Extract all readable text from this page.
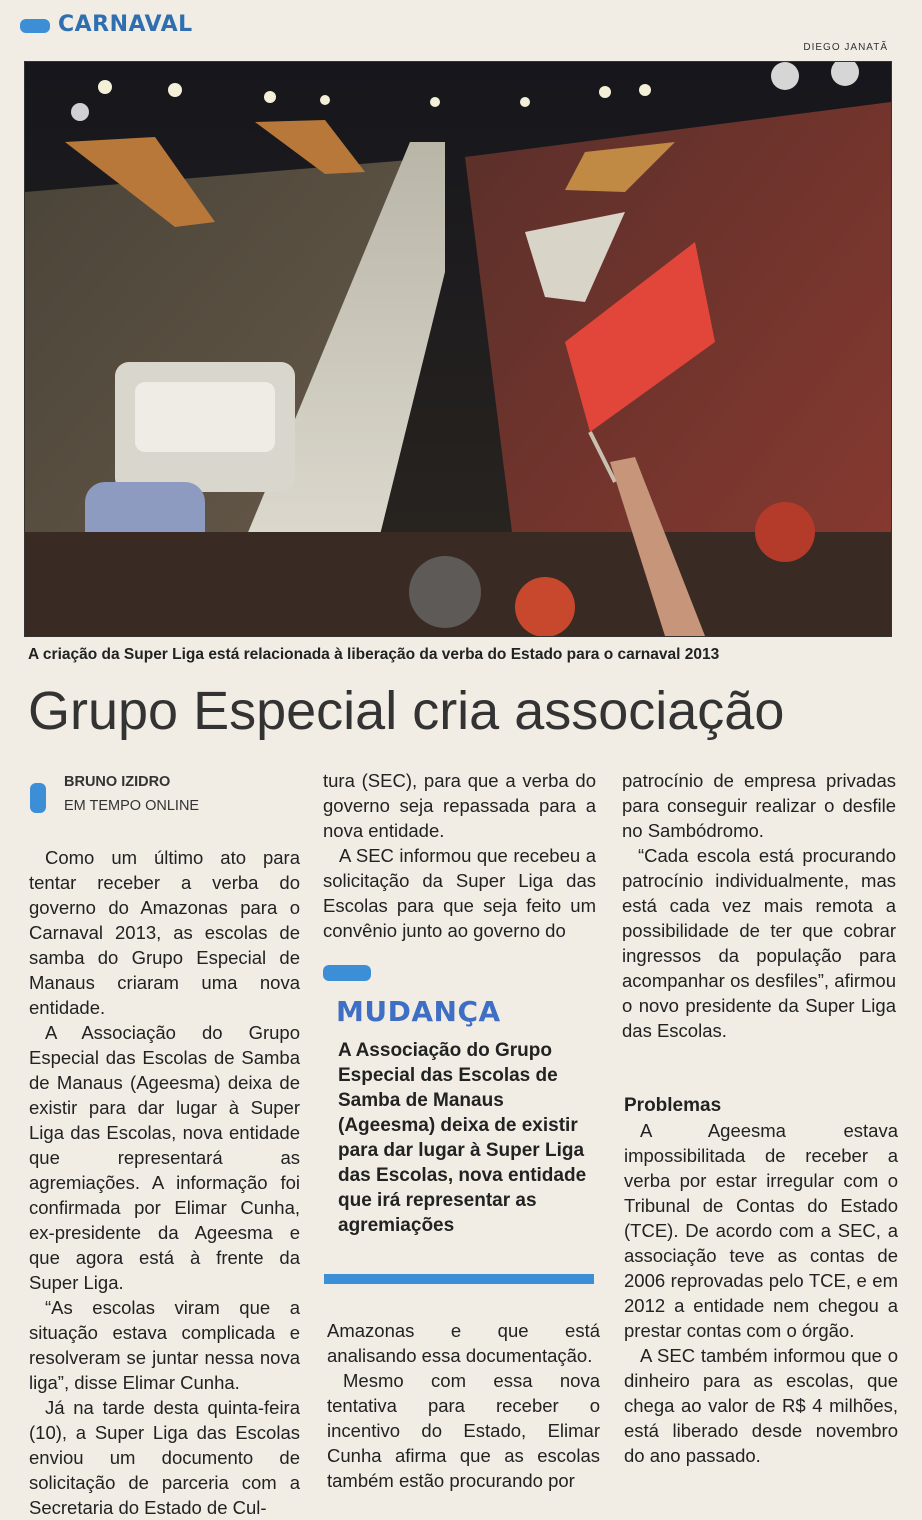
CARNAVAL
DIEGO JANATÃ
A criação da Super Liga está relacionada à liberação da verba do Estado para o carnaval 2013
Grupo Especial cria associação
BRUNO IZIDRO
EM TEMPO ONLINE

Como um último ato para tentar receber a verba do governo do Amazonas para o Carnaval 2013, as escolas de samba do Grupo Especial de Manaus criaram uma nova entidade.

A Associação do Grupo Especial das Escolas de Samba de Manaus (Ageesma) deixa de existir para dar lugar à Super Liga das Escolas, nova entidade que representará as agremiações. A informação foi confirmada por Elimar Cunha, ex-presidente da Ageesma e que agora está à frente da Super Liga.

“As escolas viram que a situação estava complicada e resolveram se juntar nessa nova liga”, disse Elimar Cunha.

Já na tarde desta quinta-feira (10), a Super Liga das Escolas enviou um documento de solicitação de parceria com a Secretaria do Estado de Cul-

tura (SEC), para que a verba do governo seja repassada para a nova entidade.

A SEC informou que recebeu a solicitação da Super Liga das Escolas para que seja feito um convênio junto ao governo do

MUDANÇA
A Associação do Grupo Especial das Escolas de Samba de Manaus (Ageesma) deixa de existir para dar lugar à Super Liga das Escolas, nova entidade que irá representar as agremiações

Amazonas e que está analisando essa documentação.

Mesmo com essa nova tentativa para receber o incentivo do Estado, Elimar Cunha afirma que as escolas também estão procurando por

patrocínio de empresa privadas para conseguir realizar o desfile no Sambódromo.

“Cada escola está procurando patrocínio individualmente, mas está cada vez mais remota a possibilidade de ter que cobrar ingressos da população para acompanhar os desfiles”, afirmou o novo presidente da Super Liga das Escolas.

Problemas

A Ageesma estava impossibilitada de receber a verba por estar irregular com o Tribunal de Contas do Estado (TCE). De acordo com a SEC, a associação teve as contas de 2006 reprovadas pelo TCE, e em 2012 a entidade nem chegou a prestar contas com o órgão.

A SEC também informou que o dinheiro para as escolas, que chega ao valor de R$ 4 milhões, está liberado desde novembro do ano passado.
